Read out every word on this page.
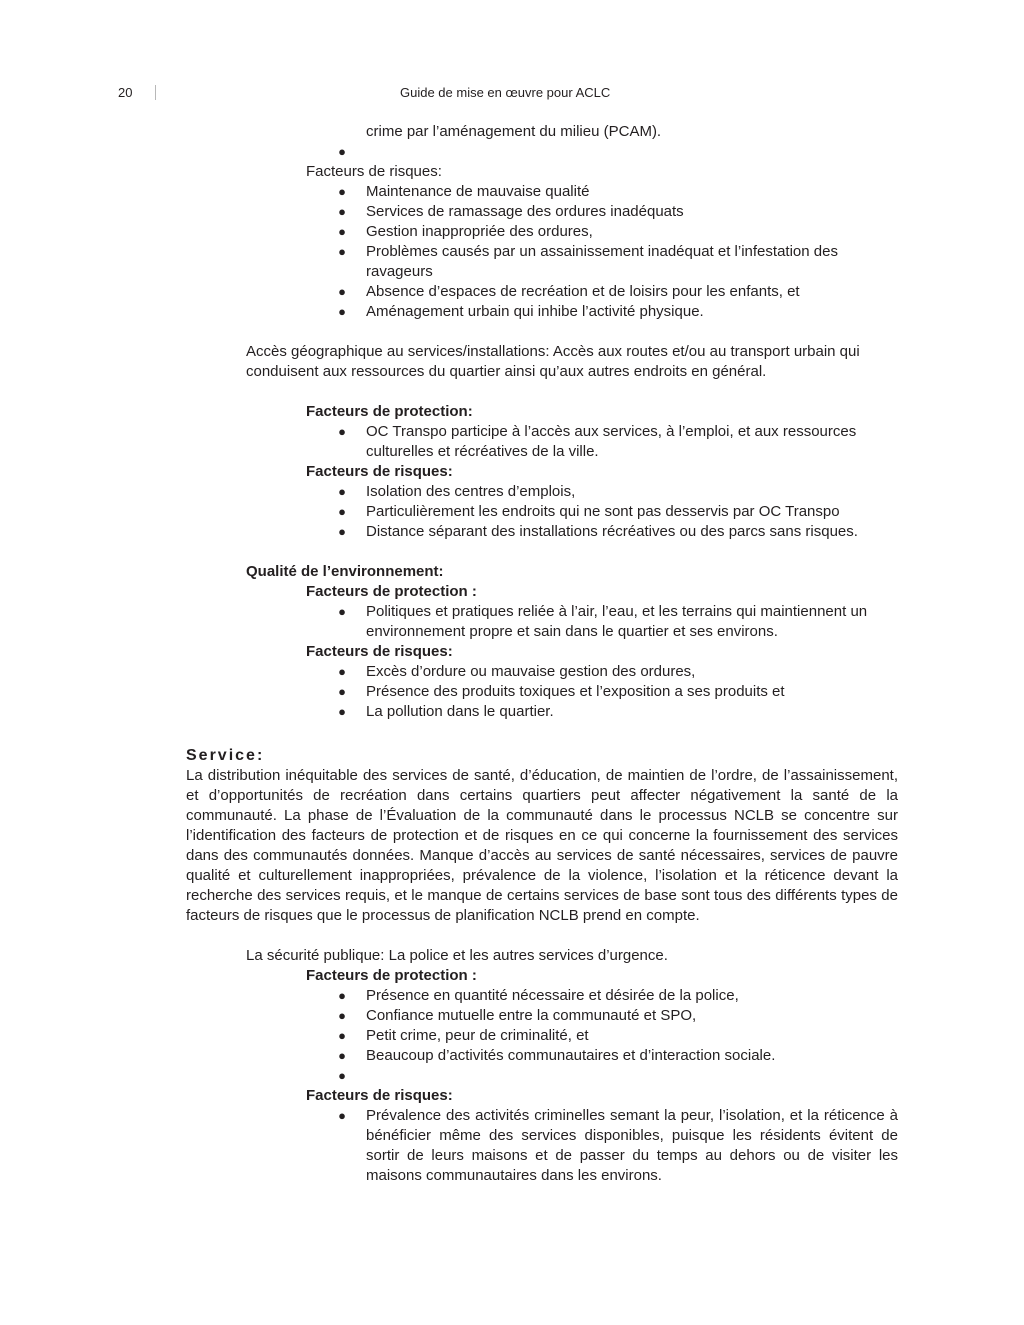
20	Guide de mise en œuvre pour ACLC
crime par l’aménagement du milieu (PCAM).
●
Facteurs de risques:
● Maintenance de mauvaise qualité
● Services de ramassage des ordures inadéquats
● Gestion inappropriée des ordures,
● Problèmes causés par un assainissement inadéquat et l’infestation des ravageurs
● Absence d’espaces de recréation et de loisirs pour les enfants, et
● Aménagement urbain qui inhibe l’activité physique.
Accès géographique au services/installations: Accès aux routes et/ou au transport urbain qui conduisent aux ressources du quartier ainsi qu’aux autres endroits en général.
Facteurs de protection:
● OC Transpo participe à l’accès aux services, à l’emploi, et aux ressources culturelles et récréatives de la ville.
Facteurs de risques:
● Isolation des centres d’emplois,
● Particulièrement les endroits qui ne sont pas desservis par OC Transpo
● Distance séparant des installations récréatives ou des parcs sans risques.
Qualité de l’environnement:
Facteurs de protection :
● Politiques et pratiques reliée à l’air, l’eau, et les terrains qui maintiennent un environnement propre et sain dans le quartier et ses environs.
Facteurs de risques:
● Excès d’ordure ou mauvaise gestion des ordures,
● Présence des produits toxiques et l’exposition a ses produits et
● La pollution dans le quartier.
Service:
La distribution inéquitable des services de santé, d’éducation, de maintien de l’ordre, de l’assainissement, et d’opportunités de recréation dans certains quartiers peut affecter négativement la santé de la communauté. La phase de l’Évaluation de la communauté dans le processus NCLB se concentre sur l’identification des facteurs de protection et de risques en ce qui concerne la fournissement des services dans des communautés données. Manque d’accès au services de santé nécessaires, services de pauvre qualité et culturellement inappropriées, prévalence de la violence, l’isolation et la réticence devant la recherche des services requis, et le manque de certains services de base sont tous des différents types de facteurs de risques que le processus de planification NCLB prend en compte.
La sécurité publique: La police et les autres services d’urgence.
Facteurs de protection :
● Présence en quantité nécessaire et désirée de la police,
● Confiance mutuelle entre la communauté et SPO,
● Petit crime, peur de criminalité, et
● Beaucoup d’activités communautaires et d’interaction sociale.
●
Facteurs de risques:
● Prévalence des activités criminelles semant la peur, l’isolation, et la réticence à bénéficier même des services disponibles, puisque les résidents évitent de sortir de leurs maisons et de passer du temps au dehors ou de visiter les maisons communautaires dans les environs.
